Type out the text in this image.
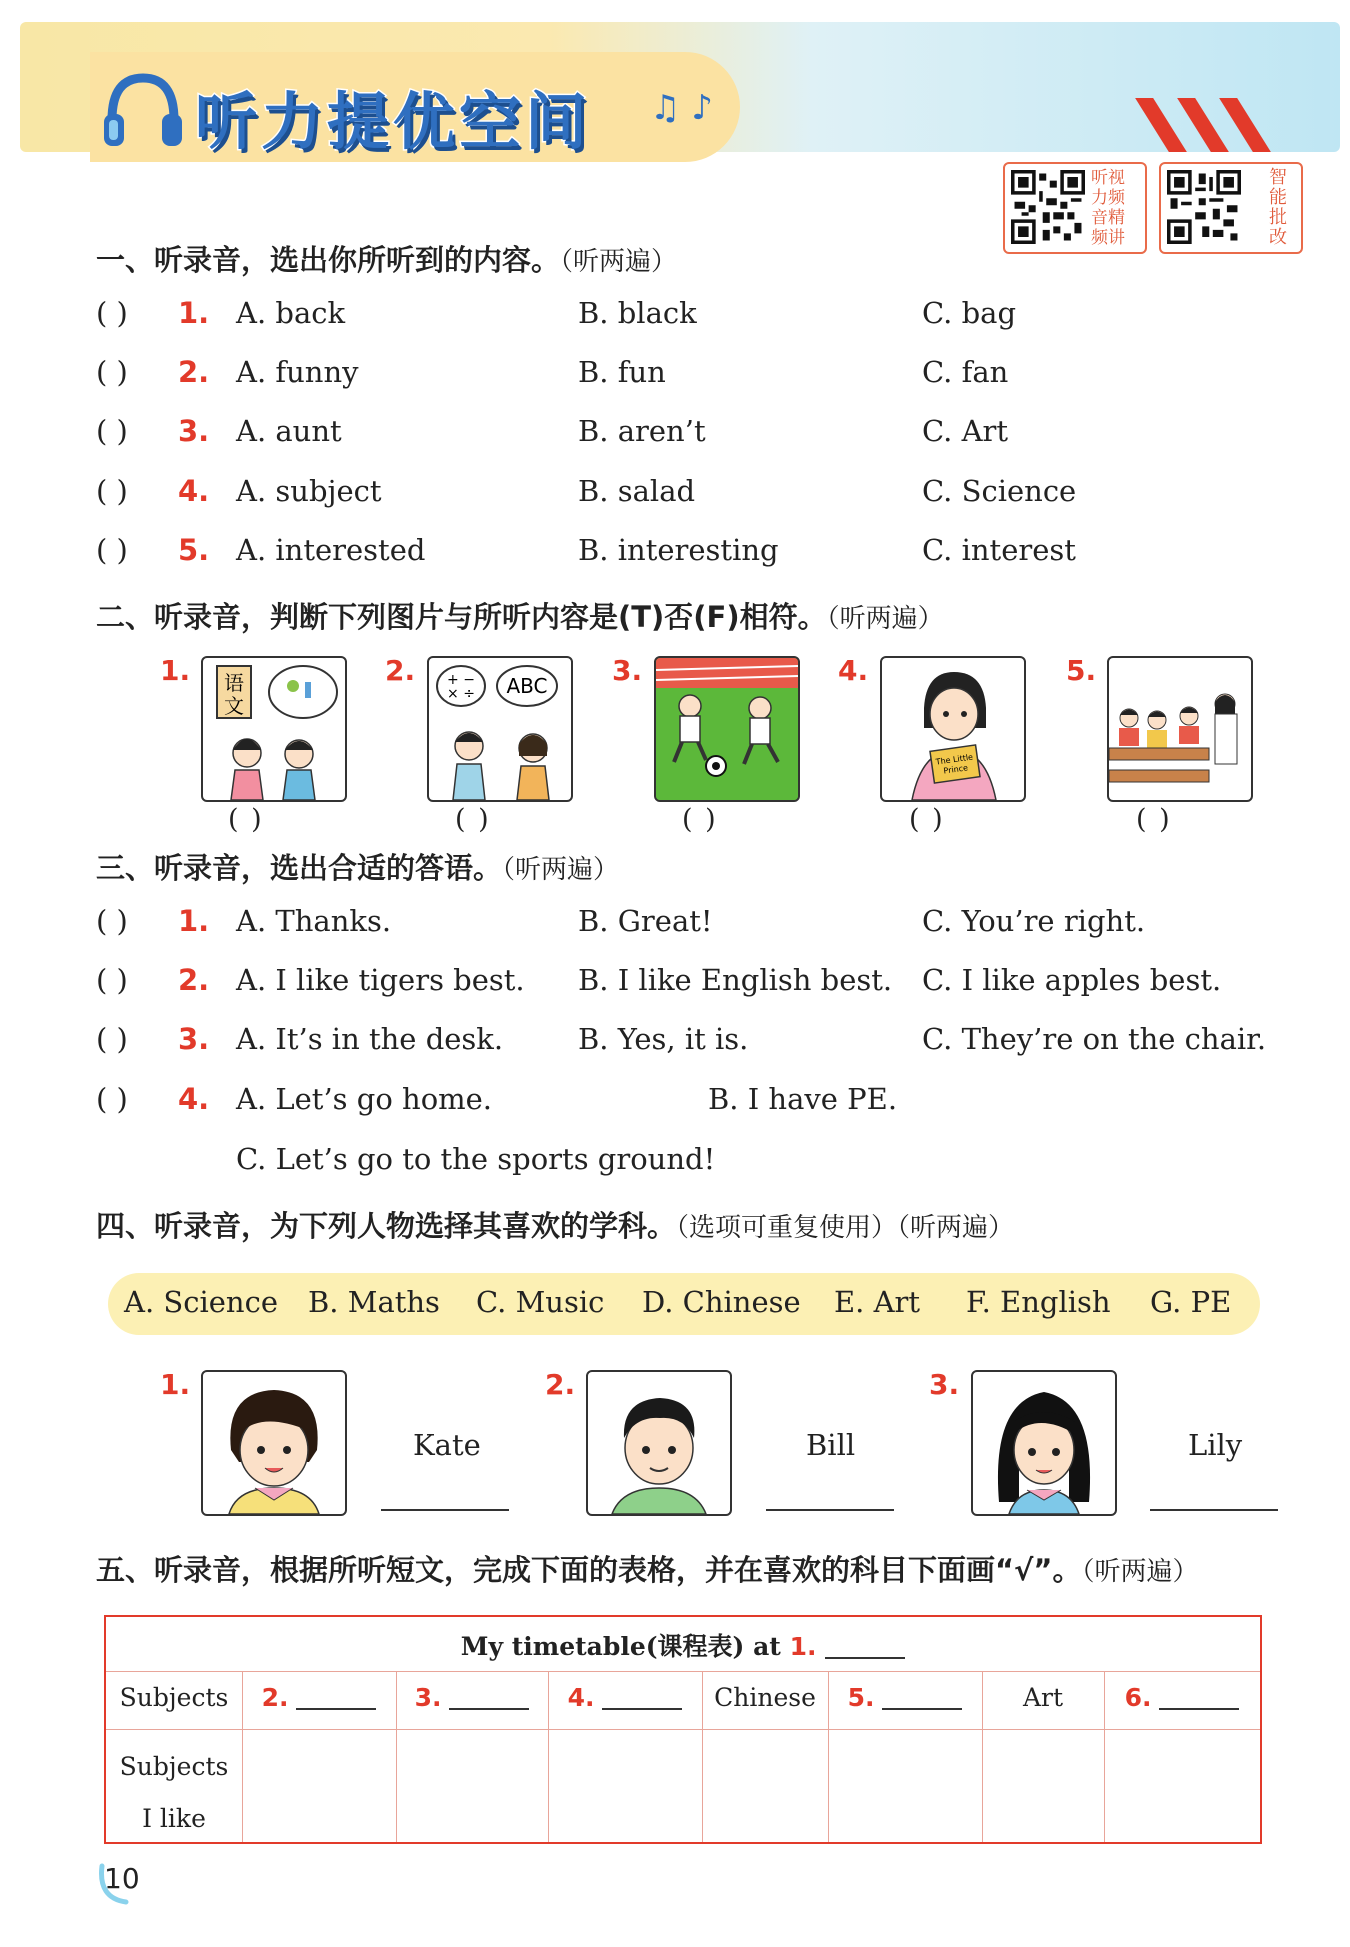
听力提优空间 ♫ ♪
听视
力频
音精
频讲
智
能
批
改
一、听录音，选出你所听到的内容。（听两遍）
( ) 1. A. back	B. black	C. bag
( ) 2. A. funny	B. fun	C. fan
( ) 3. A. aunt	B. aren’t	C. Art
( ) 4. A. subject	B. salad	C. Science
( ) 5. A. interested	B. interesting	C. interest
二、听录音，判断下列图片与所听内容是(T)否(F)相符。（听两遍）
1. 语
文
( )
2. + −
× ÷ ABC
( )
3.
( )
4.
The Little
Prince
( )
5.
( )
三、听录音，选出合适的答语。（听两遍）
( ) 1. A. Thanks.	B. Great!	C. You’re right.
( ) 2. A. I like tigers best. B. I like English best. C. I like apples best.
( ) 3. A. It’s in the desk.	B. Yes, it is.	C. They’re on the chair.
( ) 4. A. Let’s go home.	B. I have PE.
C. Let’s go to the sports ground!
四、听录音，为下列人物选择其喜欢的学科。（选项可重复使用）（听两遍）
A. Science B. Maths C. Music D. Chinese E. Art F. English G. PE
1.
Kate
2.
Bill
3.
Lily
五、听录音，根据所听短文，完成下面的表格，并在喜欢的科目下面画“√”。（听两遍）
My timetable(课程表) at 1.
Subjects	2.	3.	4.	Chinese	5.	Art	6.
Subjects
I like
10
